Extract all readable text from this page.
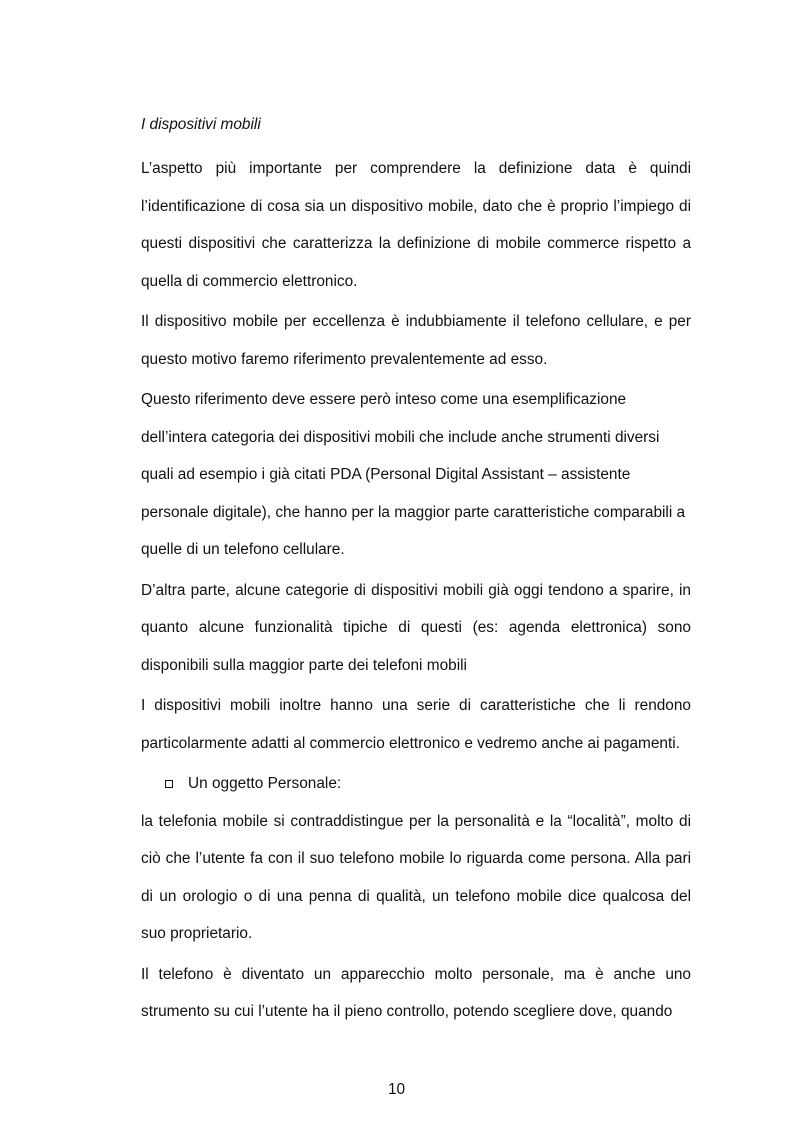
I dispositivi mobili

L’aspetto più importante per comprendere la definizione data è quindi l’identificazione di cosa sia un dispositivo mobile, dato che è proprio l’impiego di questi dispositivi che caratterizza la definizione di mobile commerce rispetto a quella di commercio elettronico.

Il dispositivo mobile per eccellenza è indubbiamente il telefono cellulare, e per questo motivo faremo riferimento prevalentemente ad esso.

Questo riferimento deve essere però inteso come una esemplificazione dell’intera categoria dei dispositivi mobili che include anche strumenti diversi quali ad esempio i già citati PDA (Personal Digital Assistant – assistente personale digitale), che hanno per la maggior parte caratteristiche comparabili a quelle di un telefono cellulare.

D’altra parte, alcune categorie di dispositivi mobili già oggi tendono a sparire, in quanto alcune funzionalità tipiche di questi (es: agenda elettronica) sono disponibili sulla maggior parte dei telefoni mobili

I dispositivi mobili inoltre hanno una serie di caratteristiche che li rendono particolarmente adatti al commercio elettronico e vedremo anche ai pagamenti.

Un oggetto Personale:

la telefonia mobile si contraddistingue per la personalità e la “località”, molto di ciò che l’utente fa con il suo telefono mobile lo riguarda come persona. Alla pari di un orologio o di una penna di qualità, un telefono mobile dice qualcosa del suo proprietario.

Il telefono è diventato un apparecchio molto personale, ma è anche uno strumento su cui l’utente ha il pieno controllo, potendo scegliere dove, quando

10
